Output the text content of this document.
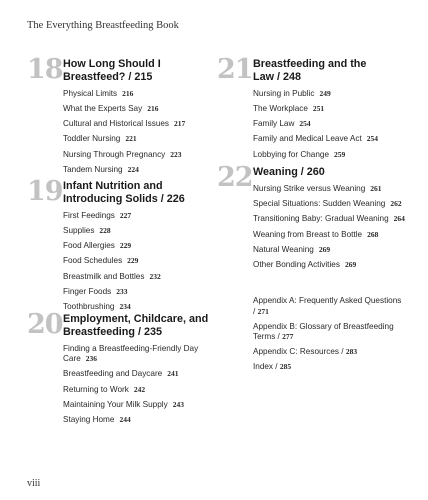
The Everything Breastfeeding Book
18 How Long Should I
Breastfeed? / 215
Physical Limits 216
What the Experts Say 216
Cultural and Historical Issues 217
Toddler Nursing 221
Nursing Through Pregnancy 223
Tandem Nursing 224
19 Infant Nutrition and
Introducing Solids / 226
First Feedings 227
Supplies 228
Food Allergies 229
Food Schedules 229
Breastmilk and Bottles 232
Finger Foods 233
Toothbrushing 234
20 Employment, Childcare, and
Breastfeeding / 235
Finding a Breastfeeding-Friendly Day Care 236
Breastfeeding and Daycare 241
Returning to Work 242
Maintaining Your Milk Supply 243
Staying Home 244
21 Breastfeeding and the
Law / 248
Nursing in Public 249
The Workplace 251
Family Law 254
Family and Medical Leave Act 254
Lobbying for Change 259
22 Weaning / 260
Nursing Strike versus Weaning 261
Special Situations: Sudden Weaning 262
Transitioning Baby: Gradual Weaning 264
Weaning from Breast to Bottle 268
Natural Weaning 269
Other Bonding Activities 269
Appendix A: Frequently Asked Questions / 271
Appendix B: Glossary of Breastfeeding Terms / 277
Appendix C: Resources / 283
Index / 285
viii
